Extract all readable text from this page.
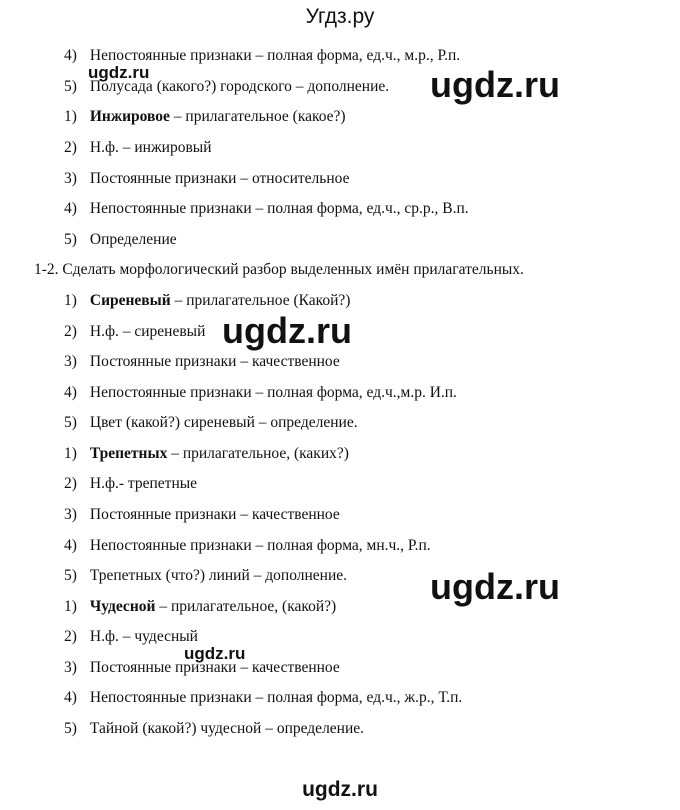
Угдз.ру
4) Непостоянные признаки – полная форма, ед.ч., м.р., Р.п.
5) Полусада (какого?) городского – дополнение.
1) Инжировое – прилагательное (какое?)
2) Н.ф. – инжировый
3) Постоянные признаки – относительное
4) Непостоянные признаки – полная форма, ед.ч., ср.р., В.п.
5) Определение
1-2. Сделать морфологический разбор выделенных имён прилагательных.
1) Сиреневый – прилагательное (Какой?)
2) Н.ф. – сиреневый
3) Постоянные признаки – качественное
4) Непостоянные признаки – полная форма, ед.ч.,м.р. И.п.
5) Цвет (какой?) сиреневый – определение.
1) Трепетных – прилагательное, (каких?)
2) Н.ф.- трепетные
3) Постоянные признаки – качественное
4) Непостоянные признаки – полная форма, мн.ч., Р.п.
5) Трепетных (что?) линий – дополнение.
1) Чудесной – прилагательное, (какой?)
2) Н.ф. – чудесный
3) Постоянные признаки – качественное
4) Непостоянные признаки – полная форма, ед.ч., ж.р., Т.п.
5) Тайной (какой?) чудесной – определение.
ugdz.ru	ugdz.ru
ugdz.ru
ugdz.ru
ugdz.ru
ugdz.ru
